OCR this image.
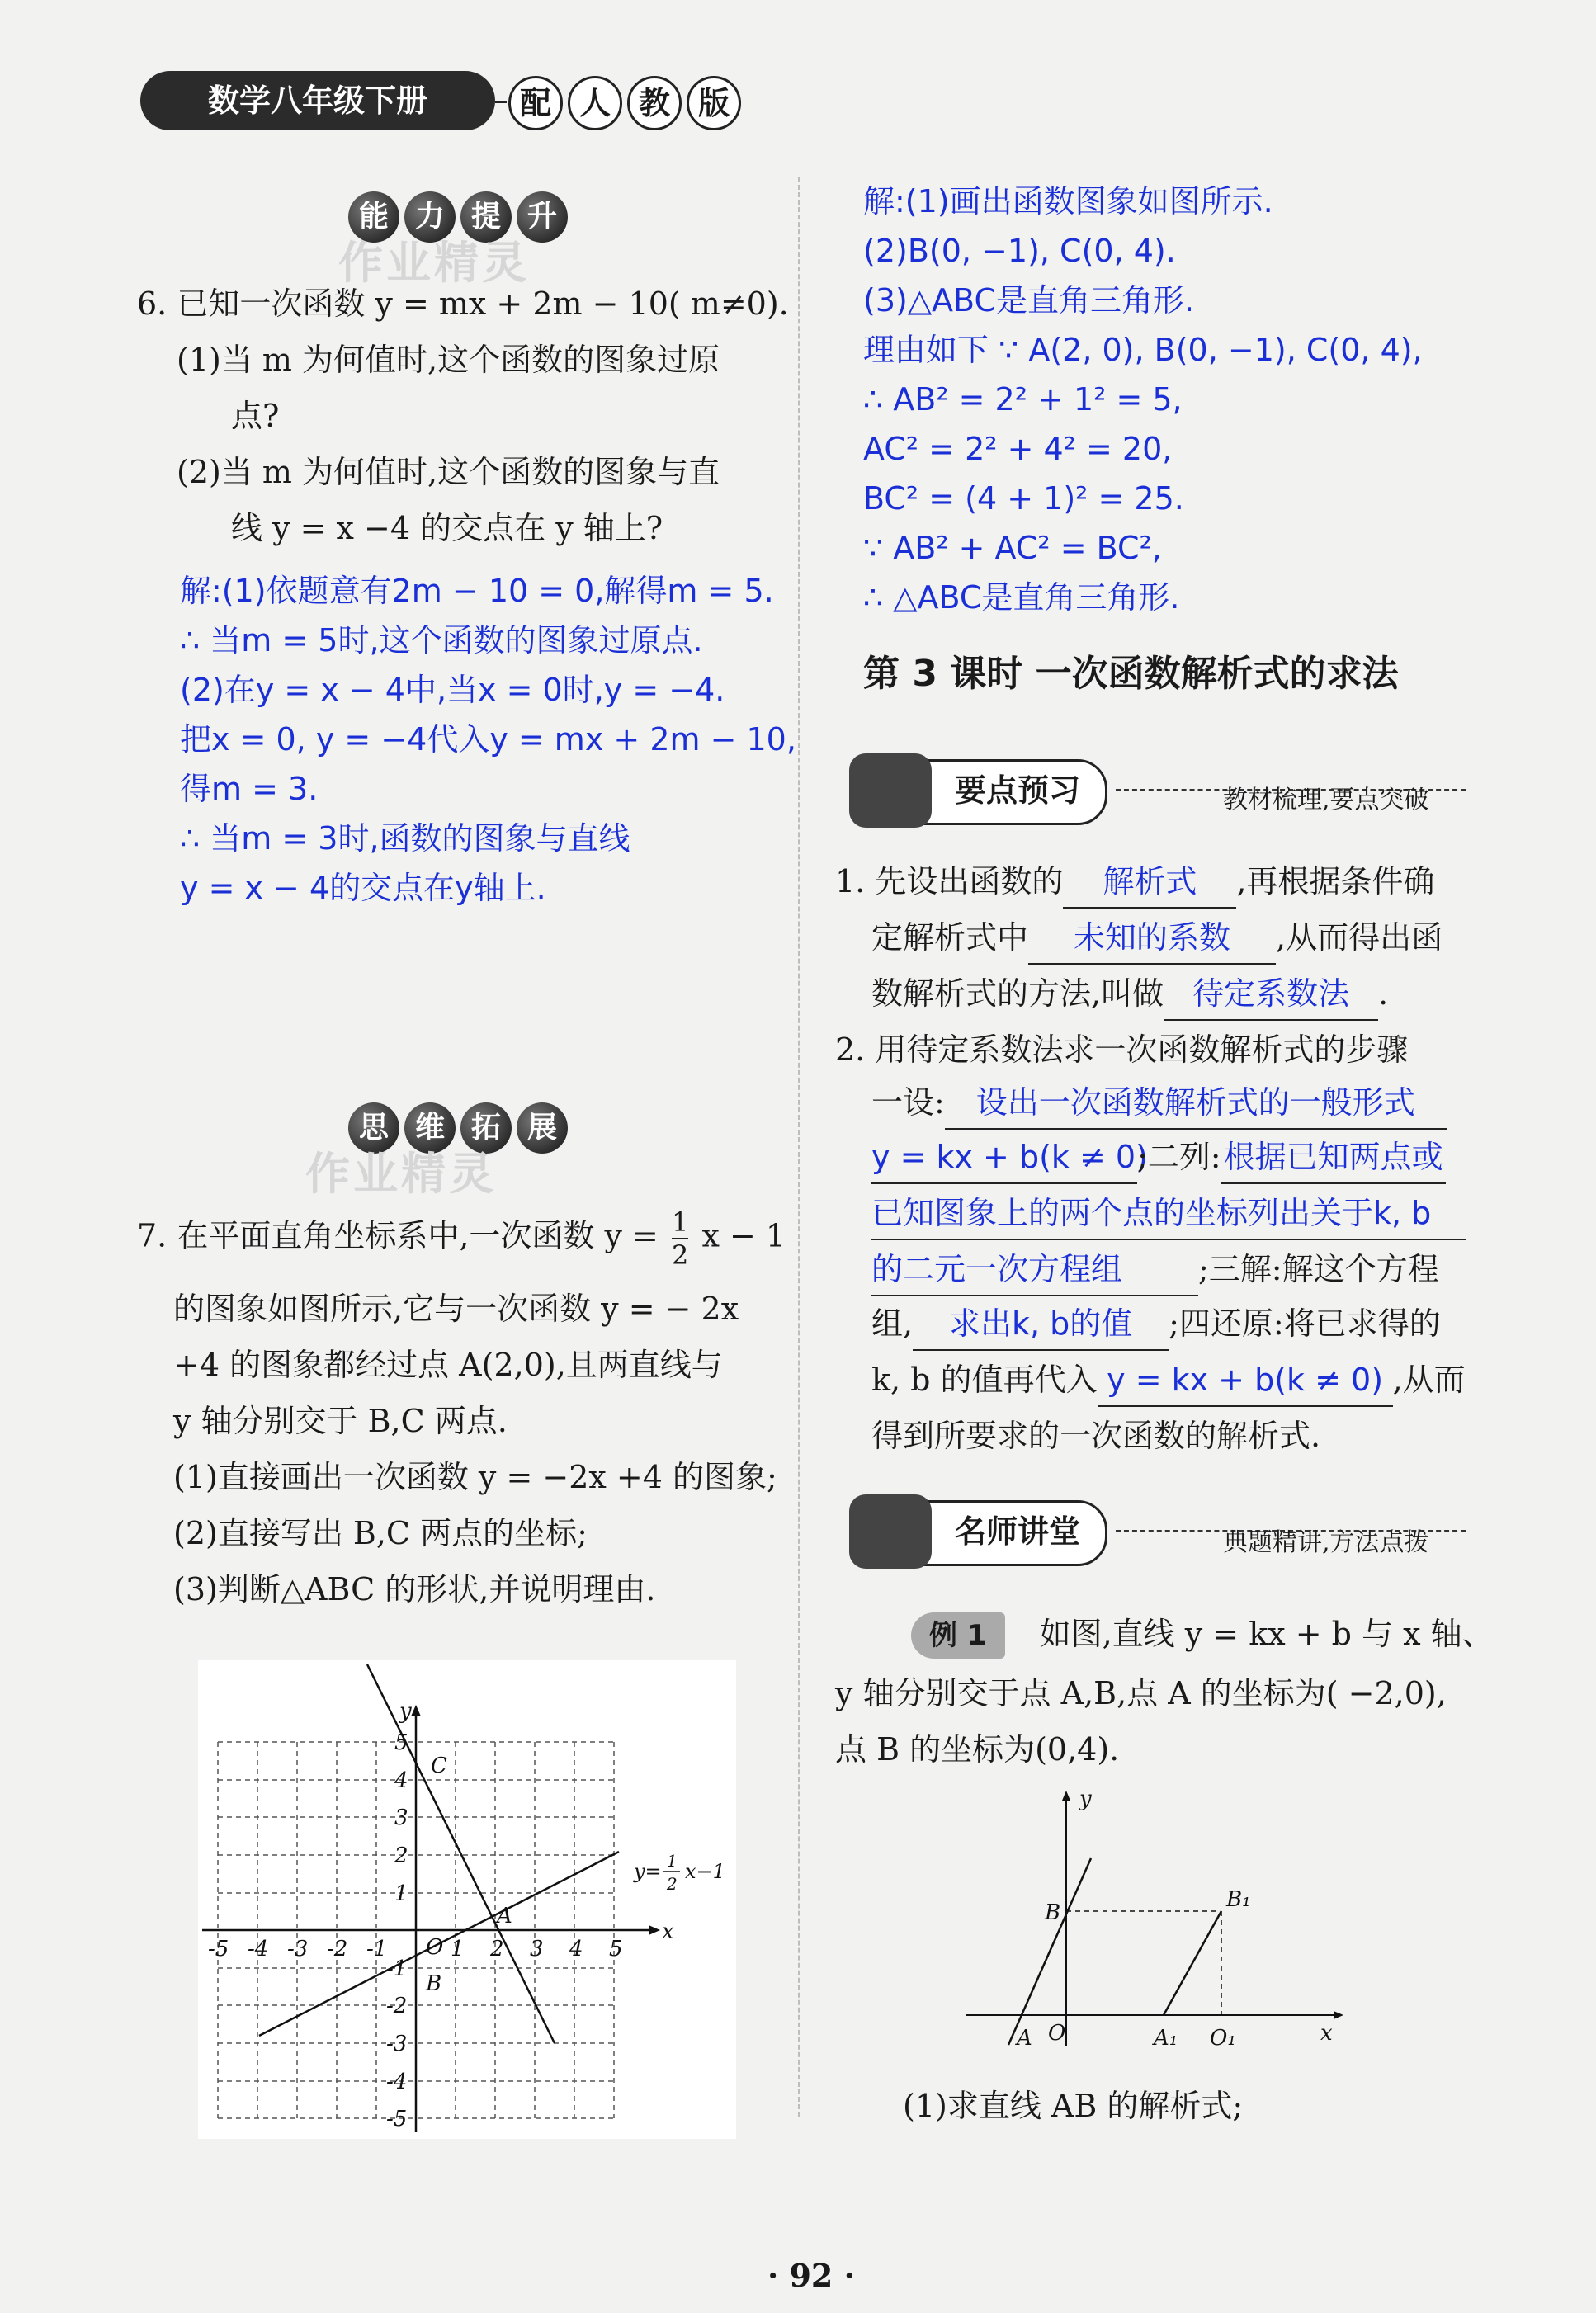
数学八年级下册	配 人 教 版
能 力 提 升
作业精灵
6. 已知一次函数 y = mx + 2m − 10( m≠0).
(1)当 m 为何值时,这个函数的图象过原
点?
(2)当 m 为何值时,这个函数的图象与直
线 y = x −4 的交点在 y 轴上?
解:(1)依题意有2m − 10 = 0,解得m = 5.
∴ 当m = 5时,这个函数的图象过原点.
(2)在y = x − 4中,当x = 0时,y = −4.
把x = 0, y = −4代入y = mx + 2m − 10,
得m = 3.
∴ 当m = 3时,函数的图象与直线
y = x − 4的交点在y轴上.
思 维 拓 展
作业精灵
7. 在平面直角坐标系中,一次函数 $y = \frac{1}{2}$ x − 1
的图象如图所示,它与一次函数 y = − 2x
+4 的图象都经过点 A(2,0),且两直线与
y 轴分别交于 B,C 两点.
(1)直接画出一次函数 y = −2x +4 的图象;
(2)直接写出 B,C 两点的坐标;
(3)判断△ABC 的形状,并说明理由.
-5 -4 -3 -2 -1	1 2 3 4 5
5
4
3
2
1
-1
-2
-3
-4
-5
x
y
O
A
B
C
y= 1
2
x−1
解:(1)画出函数图象如图所示.
(2)B(0, −1), C(0, 4).
(3)△ABC是直角三角形.
理由如下 ∵ A(2, 0), B(0, −1), C(0, 4),
∴ AB² = 2² + 1² = 5,
AC² = 2² + 4² = 20,
BC² = (4 + 1)² = 25.
∵ AB² + AC² = BC²,
∴ △ABC是直角三角形.
第 3 课时 一次函数解析式的求法
要点预习	教材梳理,要点突破
1. 先设出函数的 解析式 ,再根据条件确
定解析式中 未知的系数 ,从而得出函
数解析式的方法,叫做 待定系数法 .
2. 用待定系数法求一次函数解析式的步骤
一设: 设出一次函数解析式的一般形式
y = kx + b(k ≠ 0);二列:根据已知两点或
已知图象上的两个点的坐标列出关于k, b
的二元一次方程组 ;三解:解这个方程
组, 求出k, b的值 ;四还原:将已求得的
k, b 的值再代入 y = kx + b(k ≠ 0) ,从而
得到所要求的一次函数的解析式.
名师讲堂	典题精讲,方法点拨
例 1 如图,直线 y = kx + b 与 x 轴、
y 轴分别交于点 A,B,点 A 的坐标为( −2,0),
点 B 的坐标为(0,4).
y
x
B
B₁
A O	A₁ O₁
(1)求直线 AB 的解析式;
· 92 ·
